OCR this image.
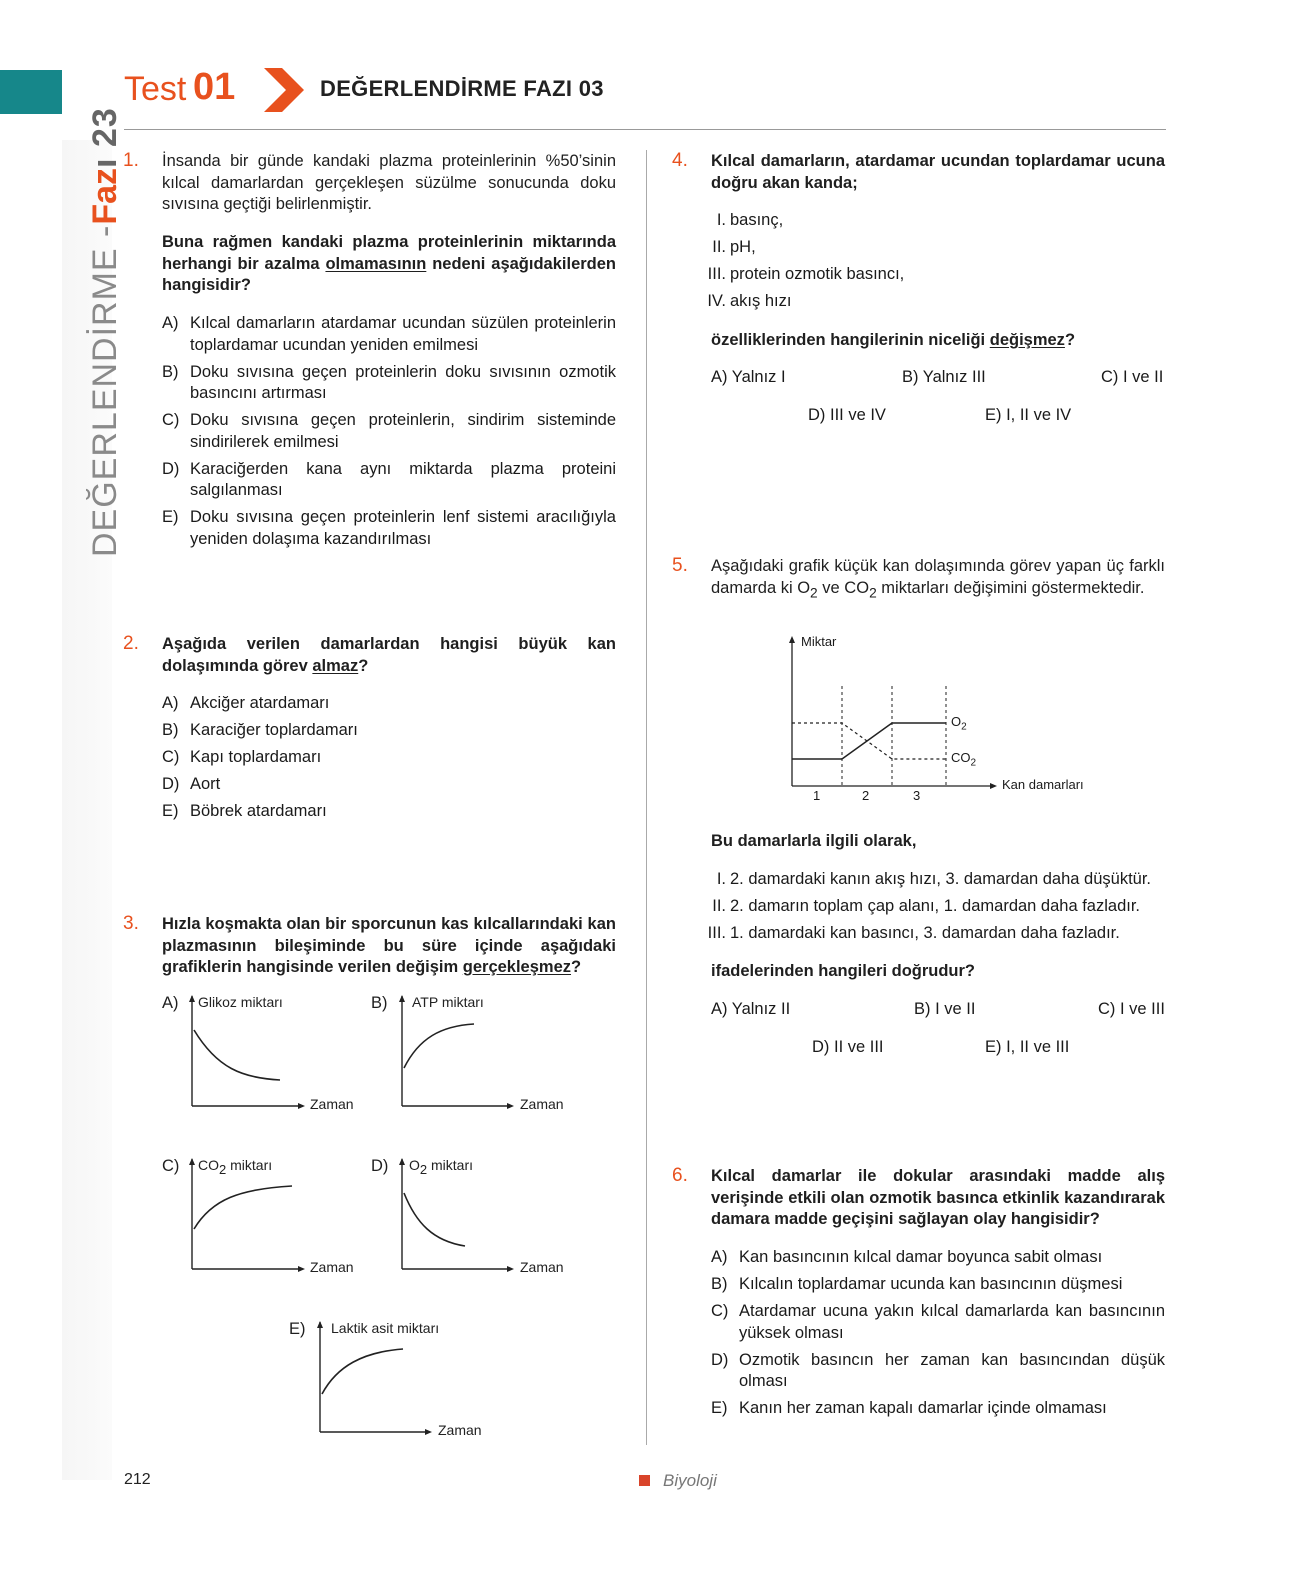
DEĞERLENDİRME -
Faz
ı 23
Test 01	DEĞERLENDİRME FAZI 03
1. İnsanda bir günde kandaki plazma proteinlerinin %50’sinin kılcal damarlardan gerçekleşen süzülme sonucunda doku sıvısına geçtiği belirlenmiştir.
Buna rağmen kandaki plazma proteinlerinin miktarında herhangi bir azalma olmamasının nedeni aşağıdakilerden hangisidir?
A) Kılcal damarların atardamar ucundan süzülen proteinlerin toplardamar ucundan yeniden emilmesi
B) Doku sıvısına geçen proteinlerin doku sıvısının ozmotik basıncını artırması
C) Doku sıvısına geçen proteinlerin, sindirim sisteminde sindirilerek emilmesi
D) Karaciğerden kana aynı miktarda plazma proteini salgılanması
E) Doku sıvısına geçen proteinlerin lenf sistemi aracılığıyla yeniden dolaşıma kazandırılması
2. Aşağıda verilen damarlardan hangisi büyük kan dolaşımında görev almaz?
A) Akciğer atardamarı
B) Karaciğer toplardamarı
C) Kapı toplardamarı
D) Aort
E) Böbrek atardamarı
3. Hızla koşmakta olan bir sporcunun kas kılcallarındaki kan plazmasının bileşiminde bu süre içinde aşağıdaki grafiklerin hangisinde verilen değişim gerçekleşmez?
A) Glikoz miktarı
Zaman
B) ATP miktarı
Zaman
C) $CO_2$ miktarı
Zaman
D) $O_2$ miktarı
Zaman
E) Laktik asit miktarı
Zaman
4. Kılcal damarların, atardamar ucundan toplardamar ucuna doğru akan kanda;
I. basınç,
II. pH,
III. protein ozmotik basıncı,
IV. akış hızı
özelliklerinden hangilerinin niceliği değişmez?
A) Yalnız I	B) Yalnız III	C) I ve II
D) III ve IV	E) I, II ve IV
5. Aşağıdaki grafik küçük kan dolaşımında görev yapan üç farklı damarda ki $O_2$ ve $CO_2$ miktarları değişimini göstermektedir.
Miktar
Kan damarları
$O_2$
$CO_2$
1	2	3
Bu damarlarla ilgili olarak,
I. 2. damardaki kanın akış hızı, 3. damardan daha düşüktür.
II. 2. damarın toplam çap alanı, 1. damardan daha fazladır.
III. 1. damardaki kan basıncı, 3. damardan daha fazladır.
ifadelerinden hangileri doğrudur?
A) Yalnız II	B) I ve II	C) I ve III
D) II ve III	E) I, II ve III
6. Kılcal damarlar ile dokular arasındaki madde alış verişinde etkili olan ozmotik basınca etkinlik kazandırarak damara madde geçişini sağlayan olay hangisidir?
A) Kan basıncının kılcal damar boyunca sabit olması
B) Kılcalın toplardamar ucunda kan basıncının düşmesi
C) Atardamar ucuna yakın kılcal damarlarda kan basıncının yüksek olması
D) Ozmotik basıncın her zaman kan basıncından düşük olması
E) Kanın her zaman kapalı damarlar içinde olmaması
212	Biyoloji
